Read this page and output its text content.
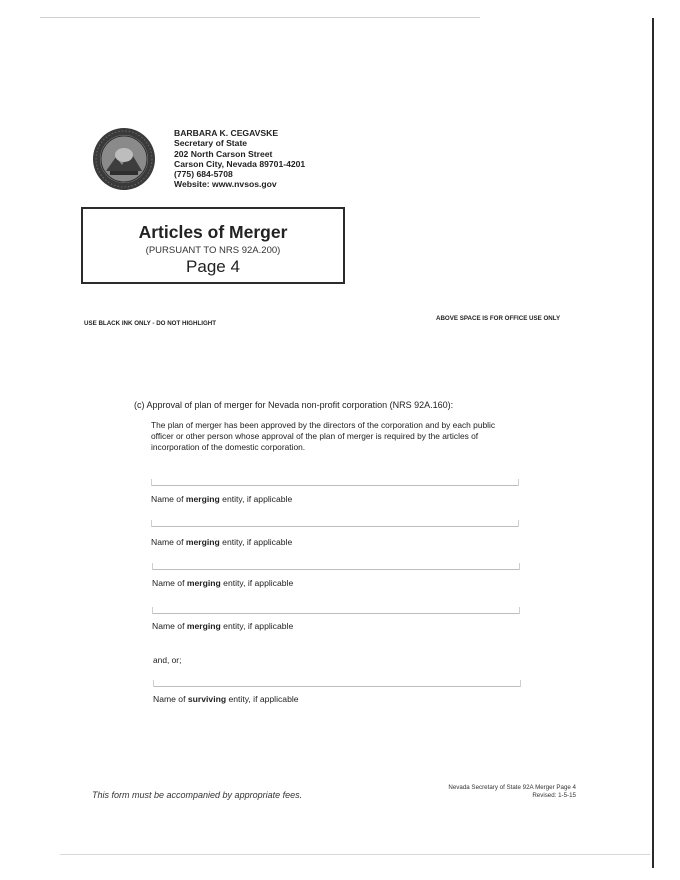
BARBARA K. CEGAVSKE
Secretary of State
202 North Carson Street
Carson City, Nevada 89701-4201
(775) 684-5708
Website: www.nvsos.gov
Articles of Merger
(PURSUANT TO NRS 92A.200)
Page 4
USE BLACK INK ONLY - DO NOT HIGHLIGHT
ABOVE SPACE IS FOR OFFICE USE ONLY
(c) Approval of plan of merger for Nevada non-profit corporation (NRS 92A.160):
The plan of merger has been approved by the directors of the corporation and by each public officer or other person whose approval of the plan of merger is required by the articles of incorporation of the domestic corporation.
Name of merging entity, if applicable
Name of merging entity, if applicable
Name of merging entity, if applicable
Name of merging entity, if applicable
and, or;
Name of surviving entity, if applicable
This form must be accompanied by appropriate fees.
Nevada Secretary of State 92A Merger Page 4
Revised: 1-5-15
